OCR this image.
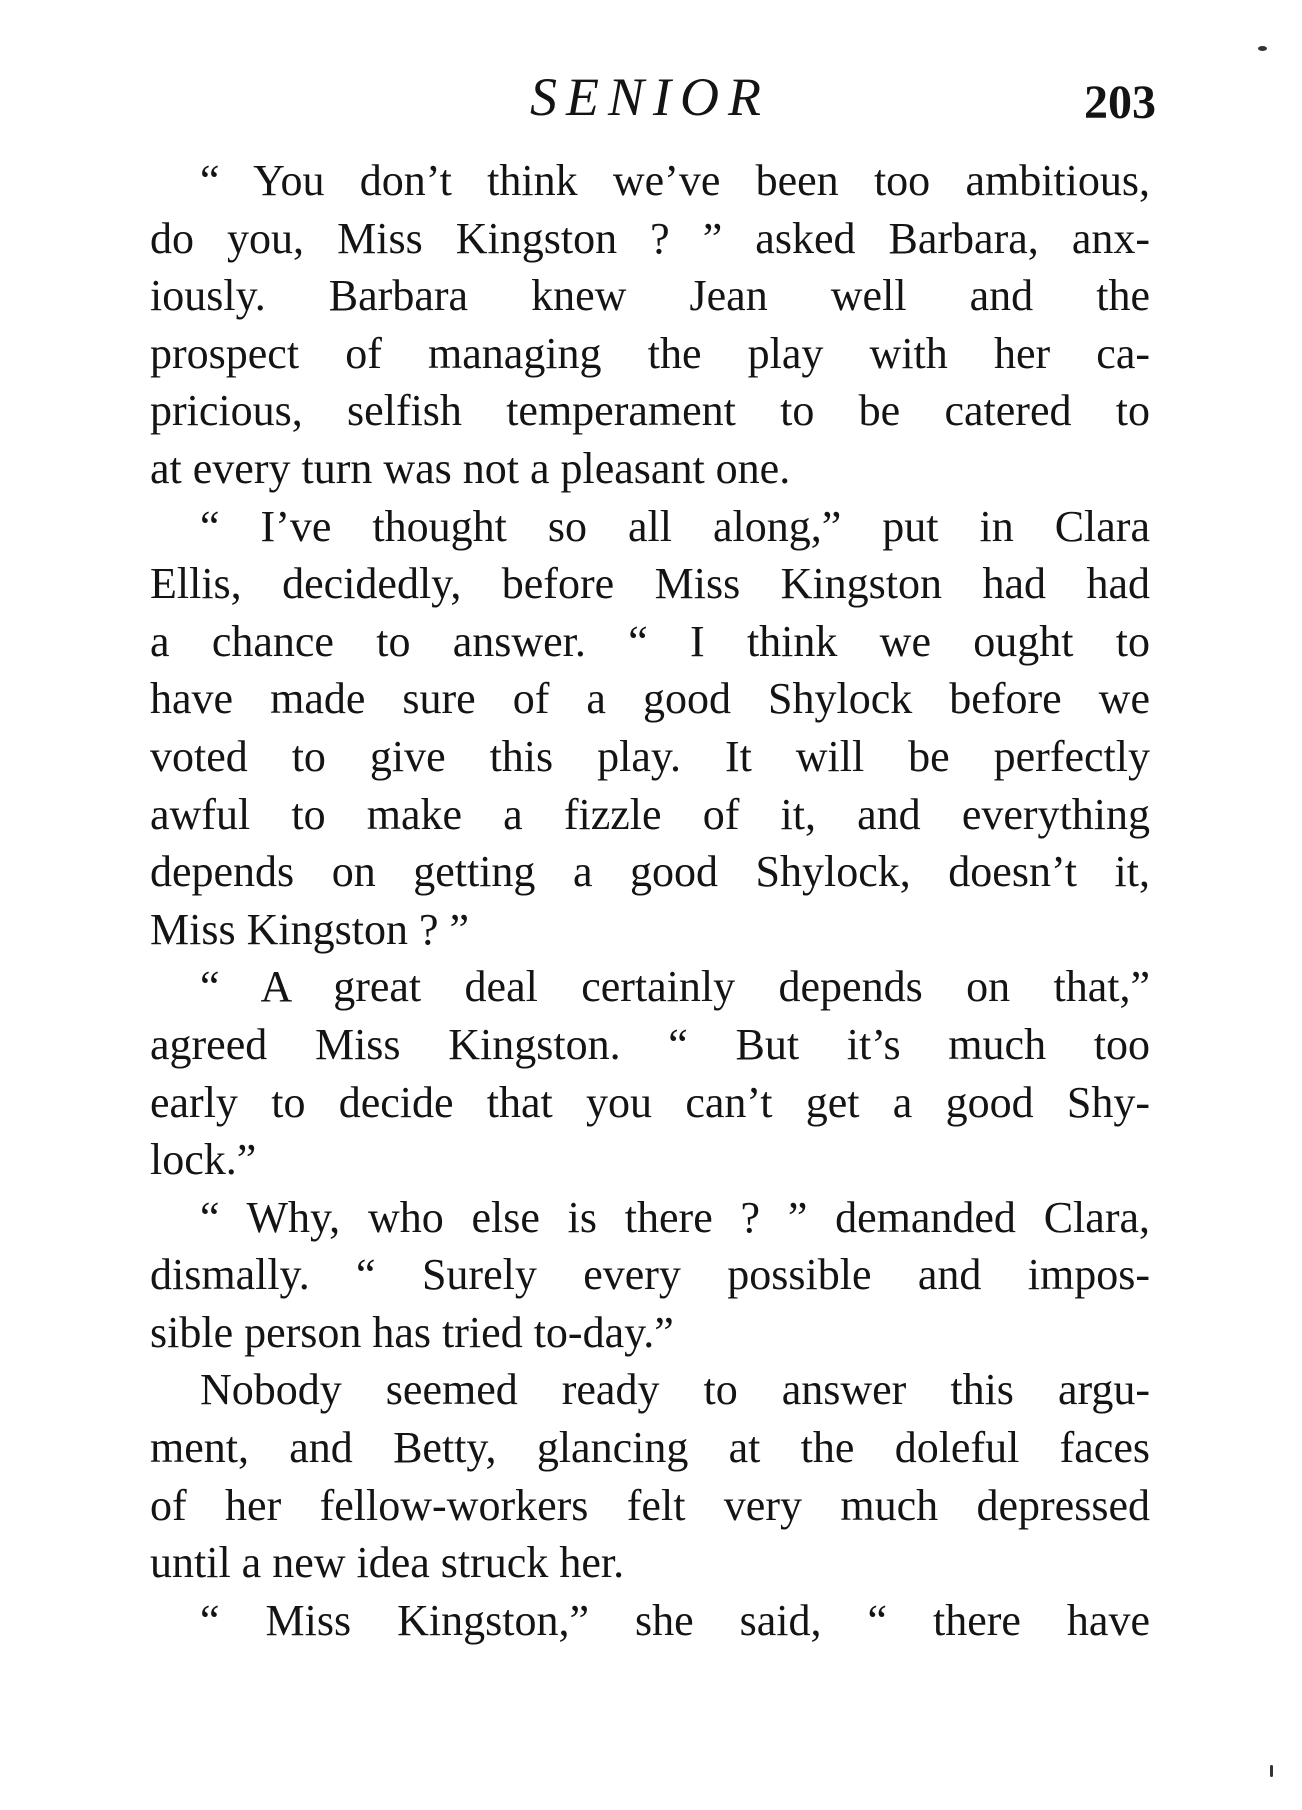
SENIOR	203
“ You don’t think we’ve been too ambitious,
do you, Miss Kingston ? ” asked Barbara, anx-
iously. Barbara knew Jean well and the
prospect of managing the play with her ca-
pricious, selfish temperament to be catered to
at every turn was not a pleasant one.
“ I’ve thought so all along,” put in Clara
Ellis, decidedly, before Miss Kingston had had
a chance to answer. “ I think we ought to
have made sure of a good Shylock before we
voted to give this play. It will be perfectly
awful to make a fizzle of it, and everything
depends on getting a good Shylock, doesn’t it,
Miss Kingston ? ”
“ A great deal certainly depends on that,”
agreed Miss Kingston. “ But it’s much too
early to decide that you can’t get a good Shy-
lock.”
“ Why, who else is there ? ” demanded Clara,
dismally. “ Surely every possible and impos-
sible person has tried to-day.”
Nobody seemed ready to answer this argu-
ment, and Betty, glancing at the doleful faces
of her fellow-workers felt very much depressed
until a new idea struck her.
“ Miss Kingston,” she said, “ there have
